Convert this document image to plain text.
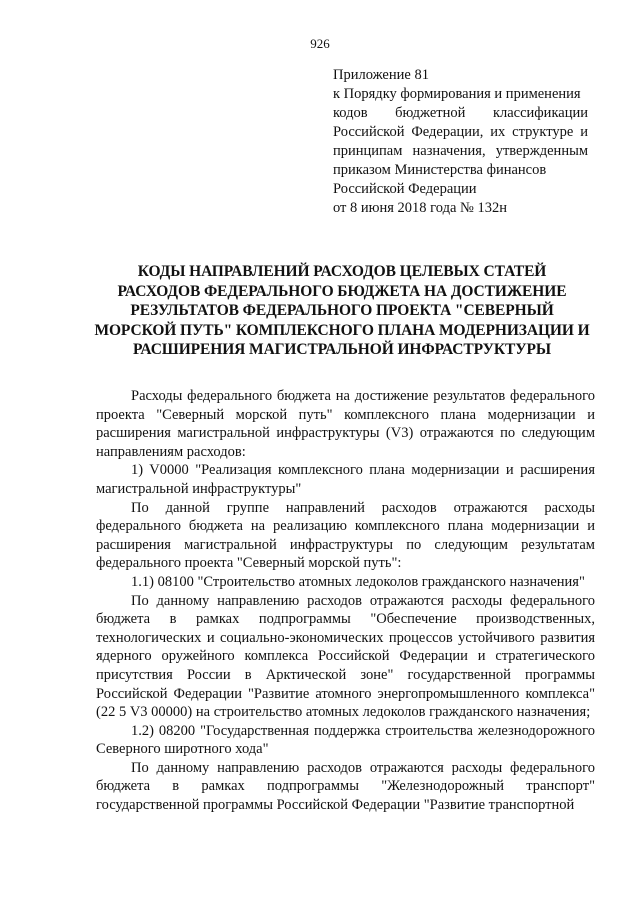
926
Приложение 81
к Порядку формирования и применения
кодов бюджетной классификации
Российской Федерации, их структуре и
принципам назначения, утвержденным
приказом Министерства финансов
Российской Федерации
от 8 июня 2018 года № 132н
КОДЫ НАПРАВЛЕНИЙ РАСХОДОВ ЦЕЛЕВЫХ СТАТЕЙ
РАСХОДОВ ФЕДЕРАЛЬНОГО БЮДЖЕТА НА ДОСТИЖЕНИЕ
РЕЗУЛЬТАТОВ ФЕДЕРАЛЬНОГО ПРОЕКТА "СЕВЕРНЫЙ
МОРСКОЙ ПУТЬ" КОМПЛЕКСНОГО ПЛАНА МОДЕРНИЗАЦИИ И
РАСШИРЕНИЯ МАГИСТРАЛЬНОЙ ИНФРАСТРУКТУРЫ

Расходы федерального бюджета на достижение результатов федерального проекта "Северный морской путь" комплексного плана модернизации и расширения магистральной инфраструктуры (V3) отражаются по следующим направлениям расходов:

1) V0000 "Реализация комплексного плана модернизации и расширения магистральной инфраструктуры"

По данной группе направлений расходов отражаются расходы федерального бюджета на реализацию комплексного плана модернизации и расширения магистральной инфраструктуры по следующим результатам федерального проекта "Северный морской путь":

1.1) 08100 "Строительство атомных ледоколов гражданского назначения"

По данному направлению расходов отражаются расходы федерального бюджета в рамках подпрограммы "Обеспечение производственных, технологических и социально-экономических процессов устойчивого развития ядерного оружейного комплекса Российской Федерации и стратегического присутствия России в Арктической зоне" государственной программы Российской Федерации "Развитие атомного энергопромышленного комплекса" (22 5 V3 00000) на строительство атомных ледоколов гражданского назначения;

1.2) 08200 "Государственная поддержка строительства железнодорожного Северного широтного хода"

По данному направлению расходов отражаются расходы федерального бюджета в рамках подпрограммы "Железнодорожный транспорт" государственной программы Российской Федерации "Развитие транспортной
